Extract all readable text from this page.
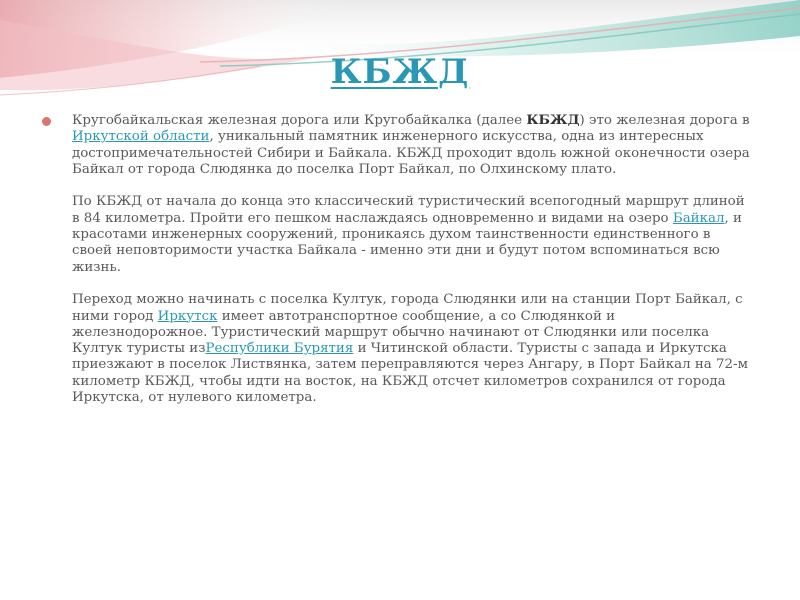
КБЖД

Кругобайкальская железная дорога или Кругобайкалка (далее КБЖД) это железная дорога в Иркутской области, уникальный памятник инженерного искусства, одна из интересных достопримечательностей Сибири и Байкала. КБЖД проходит вдоль южной оконечности озера Байкал от города Слюдянка до поселка Порт Байкал, по Олхинскому плато.

По КБЖД от начала до конца это классический туристический всепогодный маршрут длиной в 84 километра. Пройти его пешком наслаждаясь одновременно и видами на озеро Байкал, и красотами инженерных сооружений, проникаясь духом таинственности единственного в своей неповторимости участка Байкала - именно эти дни и будут потом вспоминаться всю жизнь.

Переход можно начинать с поселка Култук, города Слюдянки или на станции Порт Байкал, с ними город Иркутск имеет автотранспортное сообщение, а со Слюдянкой и железнодорожное. Туристический маршрут обычно начинают от Слюдянки или поселка Култук туристы изРеспублики Бурятия и Читинской области. Туристы с запада и Иркутска приезжают в поселок Листвянка, затем переправляются через Ангару, в Порт Байкал на 72-м километр КБЖД, чтобы идти на восток, на КБЖД отсчет километров сохранился от города Иркутска, от нулевого километра.
